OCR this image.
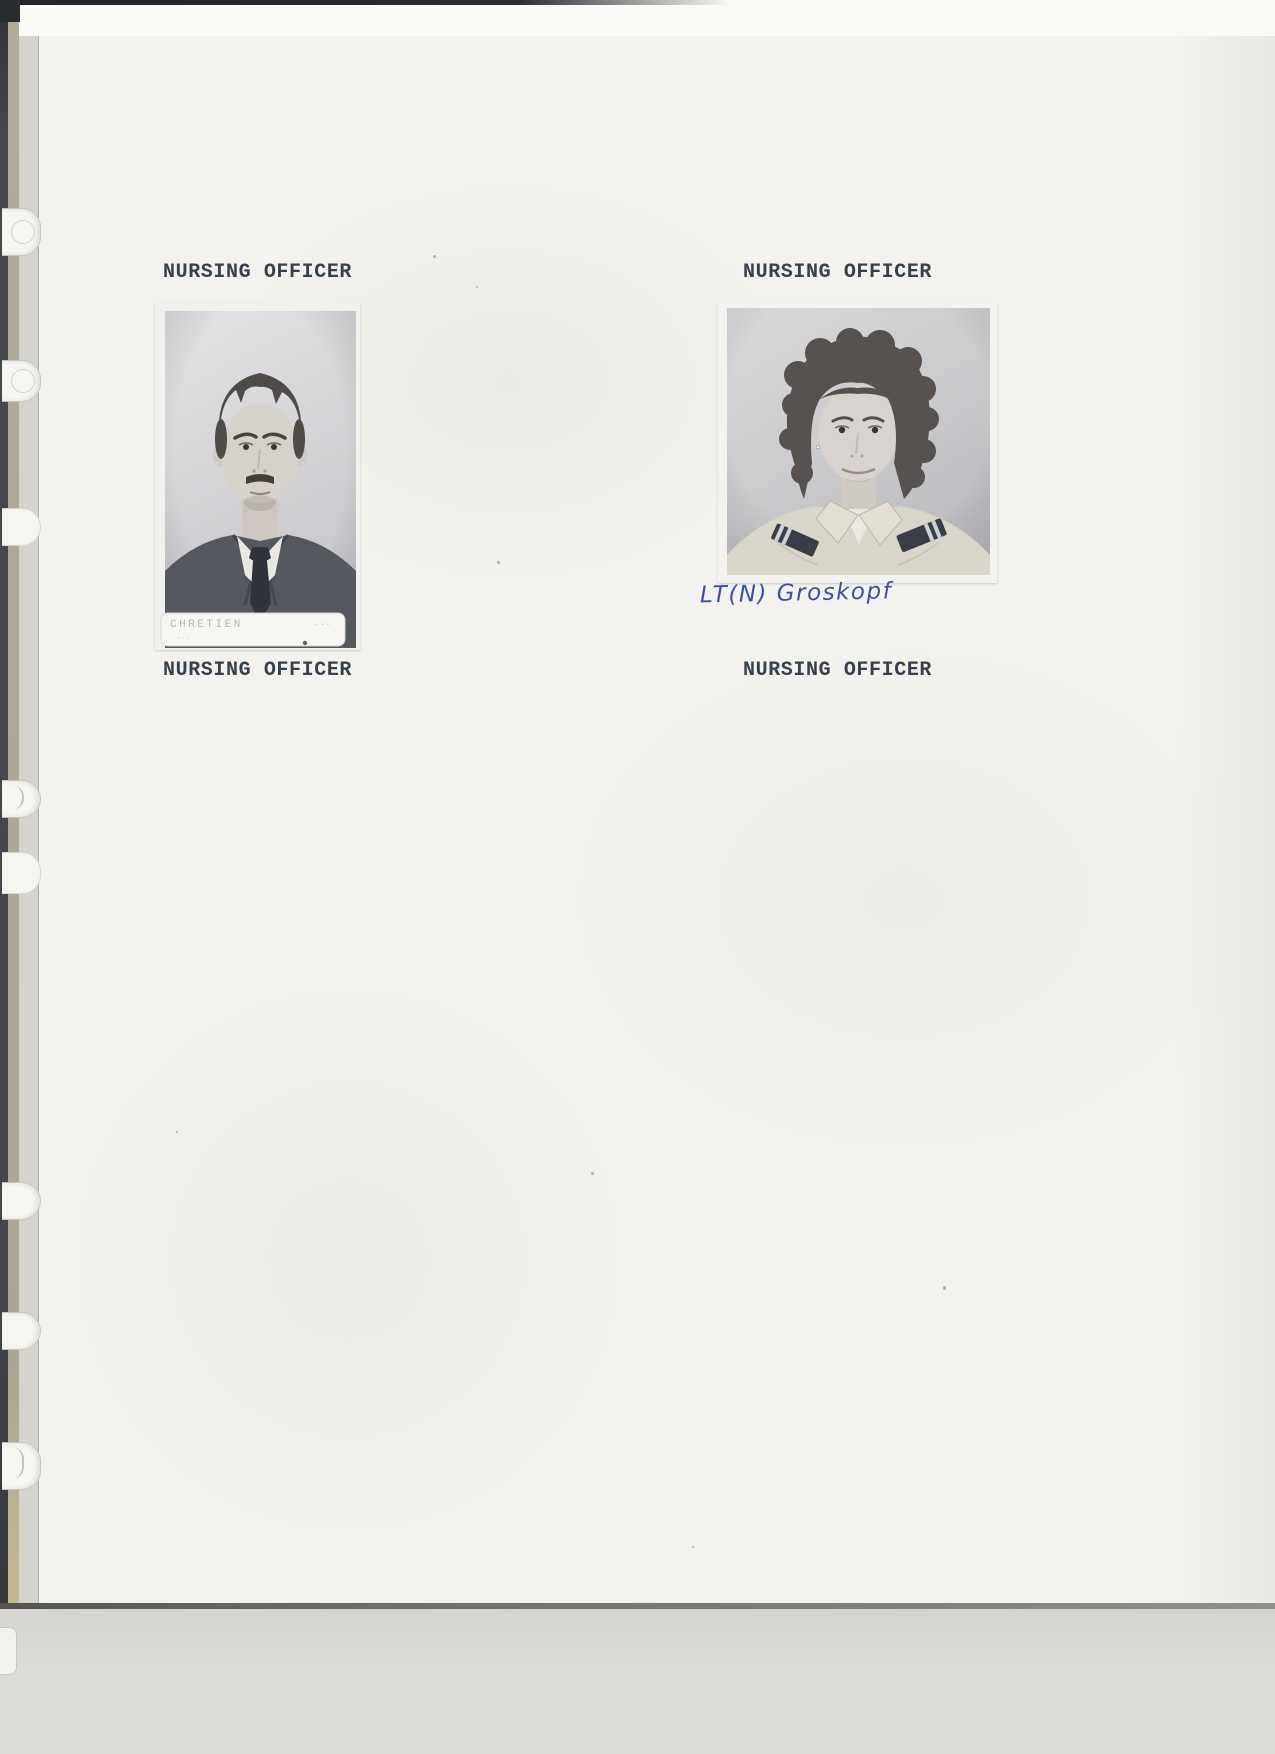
NURSING OFFICER	NURSING OFFICER
NURSING OFFICER	NURSING OFFICER
CHRETIEN	···
····
LT(N) Groskopf
